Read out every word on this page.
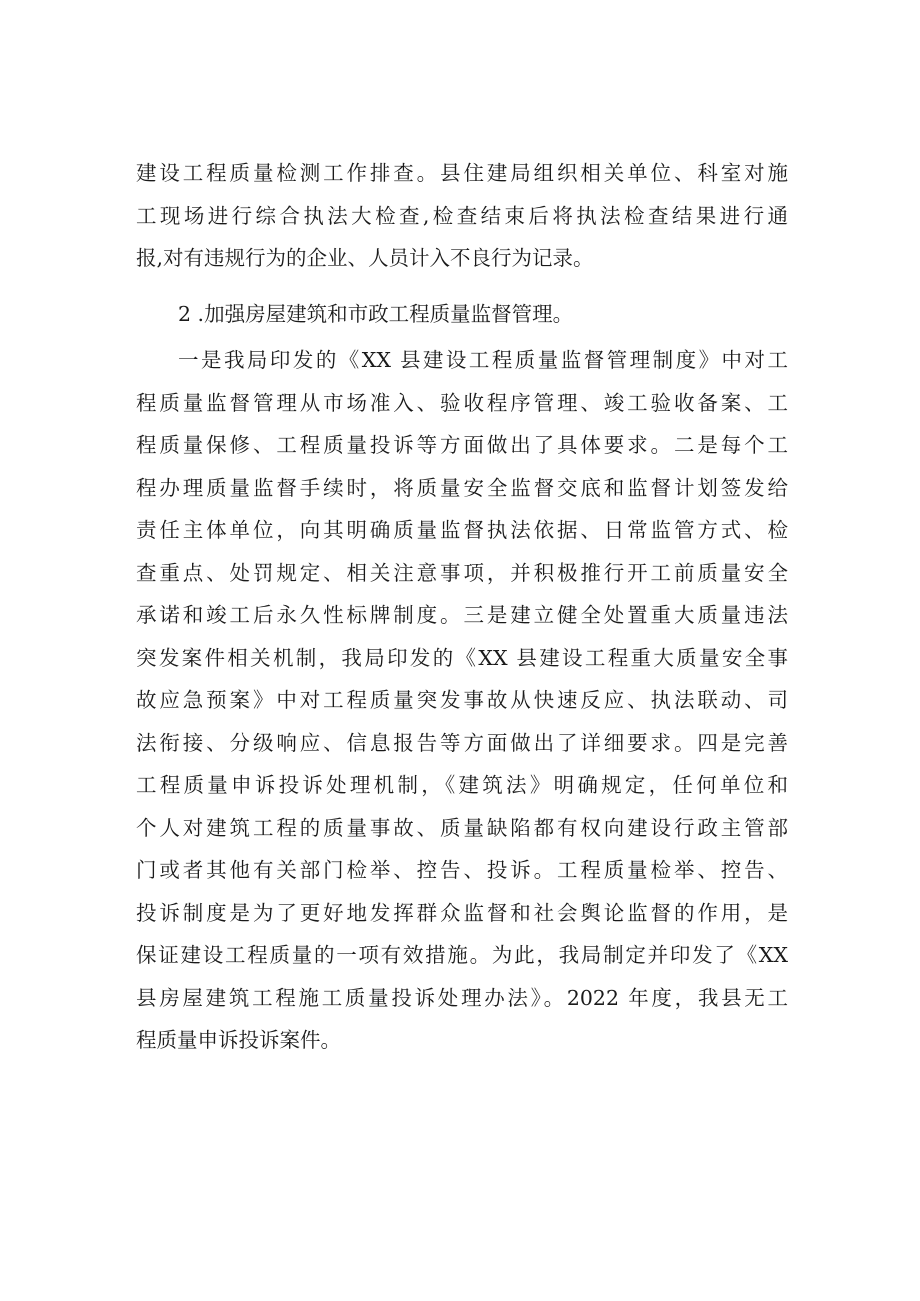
建设工程质量检测工作排查。县住建局组织相关单位、科室对施
工现场进行综合执法大检查,检查结束后将执法检查结果进行通
报,对有违规行为的企业、人员计入不良行为记录。
2 .加强房屋建筑和市政工程质量监督管理。
一是我局印发的《XX 县建设工程质量监督管理制度》中对工
程质量监督管理从市场准入、验收程序管理、竣工验收备案、工
程质量保修、工程质量投诉等方面做出了具体要求。二是每个工
程办理质量监督手续时，将质量安全监督交底和监督计划签发给
责任主体单位，向其明确质量监督执法依据、日常监管方式、检
查重点、处罚规定、相关注意事项，并积极推行开工前质量安全
承诺和竣工后永久性标牌制度。三是建立健全处置重大质量违法
突发案件相关机制，我局印发的《XX 县建设工程重大质量安全事
故应急预案》中对工程质量突发事故从快速反应、执法联动、司
法衔接、分级响应、信息报告等方面做出了详细要求。四是完善
工程质量申诉投诉处理机制，《建筑法》明确规定，任何单位和
个人对建筑工程的质量事故、质量缺陷都有权向建设行政主管部
门或者其他有关部门检举、控告、投诉。工程质量检举、控告、
投诉制度是为了更好地发挥群众监督和社会舆论监督的作用，是
保证建设工程质量的一项有效措施。为此，我局制定并印发了《XX
县房屋建筑工程施工质量投诉处理办法》。2022 年度，我县无工
程质量申诉投诉案件。
